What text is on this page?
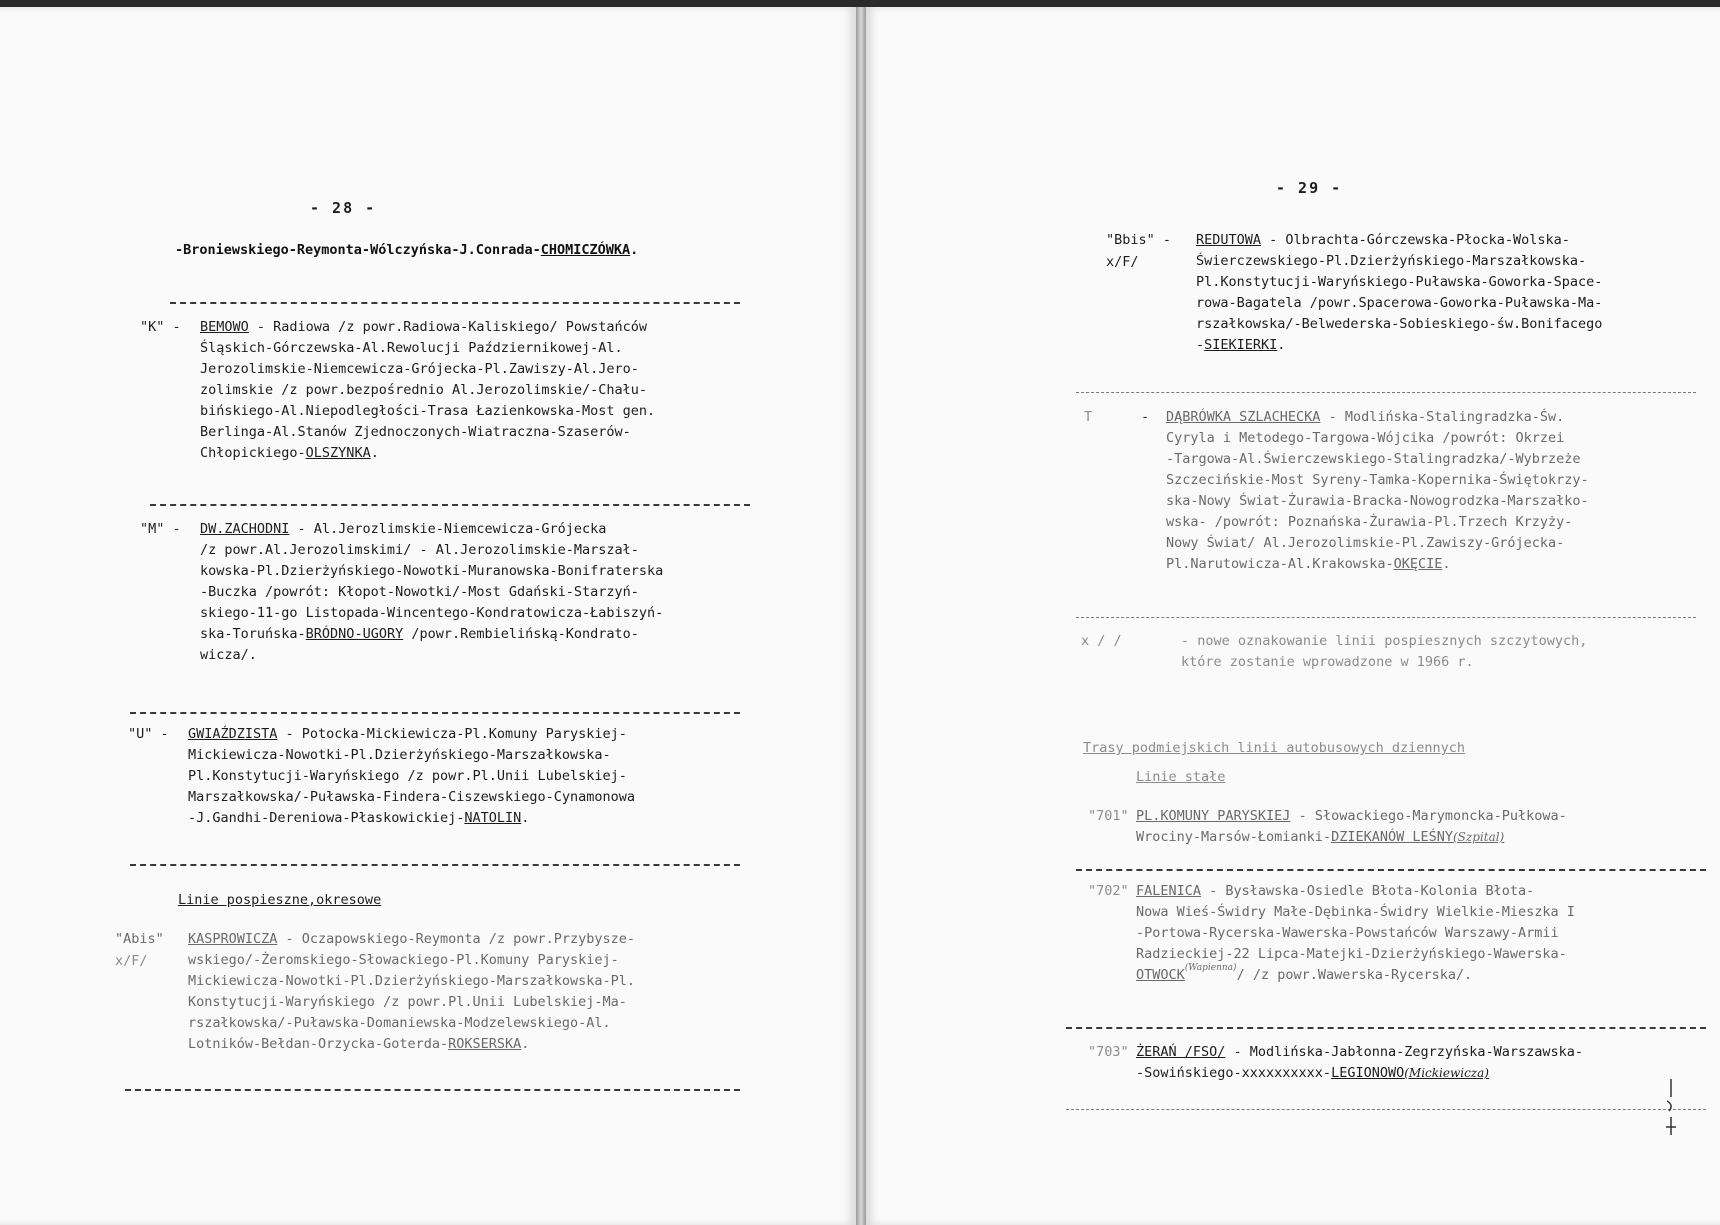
- 28 -
-Broniewskiego-Reymonta-Wólczyńska-J.Conrada-CHOMICZÓWKA.
"K" - BEMOWO - Radiowa /z powr.Radiowa-Kaliskiego/ Powstańców
Śląskich-Górczewska-Al.Rewolucji Październikowej-Al.
Jerozolimskie-Niemcewicza-Grójecka-Pl.Zawiszy-Al.Jero-
zolimskie /z powr.bezpośrednio Al.Jerozolimskie/-Chału-
bińskiego-Al.Niepodległości-Trasa Łazienkowska-Most gen.
Berlinga-Al.Stanów Zjednoczonych-Wiatraczna-Szaserów-
Chłopickiego-OLSZYNKA.
"M" - DW.ZACHODNI - Al.Jerozlimskie-Niemcewicza-Grójecka
/z powr.Al.Jerozolimskimi/ - Al.Jerozolimskie-Marszał-
kowska-Pl.Dzierżyńskiego-Nowotki-Muranowska-Bonifraterska
-Buczka /powrót: Kłopot-Nowotki/-Most Gdański-Starzyń-
skiego-11-go Listopada-Wincentego-Kondratowicza-Łabiszyń-
ska-Toruńska-BRÓDNO-UGORY /powr.Rembielińską-Kondrato-
wicza/.
"U" - GWIAŹDZISTA - Potocka-Mickiewicza-Pl.Komuny Paryskiej-
Mickiewicza-Nowotki-Pl.Dzierżyńskiego-Marszałkowska-
Pl.Konstytucji-Waryńskiego /z powr.Pl.Unii Lubelskiej-
Marszałkowska/-Puławska-Findera-Ciszewskiego-Cynamonowa
-J.Gandhi-Dereniowa-Płaskowickiej-NATOLIN.
Linie pospieszne,okresowe
"Abis"
x/F/
KASPROWICZA - Oczapowskiego-Reymonta /z powr.Przybysze-
wskiego/-Żeromskiego-Słowackiego-Pl.Komuny Paryskiej-
Mickiewicza-Nowotki-Pl.Dzierżyńskiego-Marszałkowska-Pl.
Konstytucji-Waryńskiego /z powr.Pl.Unii Lubelskiej-Ma-
rszałkowska/-Puławska-Domaniewska-Modzelewskiego-Al.
Lotników-Bełdan-Orzycka-Goterda-ROKSERSKA.
- 29 -
"Bbis" -
x/F/
REDUTOWA - Olbrachta-Górczewska-Płocka-Wolska-
Świerczewskiego-Pl.Dzierżyńskiego-Marszałkowska-
Pl.Konstytucji-Waryńskiego-Puławska-Goworka-Space-
rowa-Bagatela /powr.Spacerowa-Goworka-Puławska-Ma-
rszałkowska/-Belwederska-Sobieskiego-św.Bonifacego
-SIEKIERKI.
T	- DĄBRÓWKA SZLACHECKA - Modlińska-Stalingradzka-Św.
Cyryla i Metodego-Targowa-Wójcika /powrót: Okrzei
-Targowa-Al.Świerczewskiego-Stalingradzka/-Wybrzeże
Szczecińskie-Most Syreny-Tamka-Kopernika-Świętokrzy-
ska-Nowy Świat-Żurawia-Bracka-Nowogrodzka-Marszałko-
wska- /powrót: Poznańska-Żurawia-Pl.Trzech Krzyży-
Nowy Świat/ Al.Jerozolimskie-Pl.Zawiszy-Grójecka-
Pl.Narutowicza-Al.Krakowska-OKĘCIE.
x / /	- nowe oznakowanie linii pospiesznych szczytowych,
które zostanie wprowadzone w 1966 r.
Trasy podmiejskich linii autobusowych dziennych
Linie stałe
"701" PL.KOMUNY PARYSKIEJ - Słowackiego-Marymoncka-Pułkowa-
Wrociny-Marsów-Łomianki-DZIEKANÓW LEŚNY(Szpital)
"702" FALENICA - Bysławska-Osiedle Błota-Kolonia Błota-
Nowa Wieś-Świdry Małe-Dębinka-Świdry Wielkie-Mieszka I
-Portowa-Rycerska-Wawerska-Powstańców Warszawy-Armii
Radzieckiej-22 Lipca-Matejki-Dzierżyńskiego-Wawerska-
$OTWOCK^{(Wapienna)}/$ /z powr.Wawerska-Rycerska/.
"703" ŻERAŃ /FSO/ - Modlińska-Jabłonna-Zegrzyńska-Warszawska-
-Sowińskiego-xxxxxxxxxx-LEGIONOWO(Mickiewicza)
